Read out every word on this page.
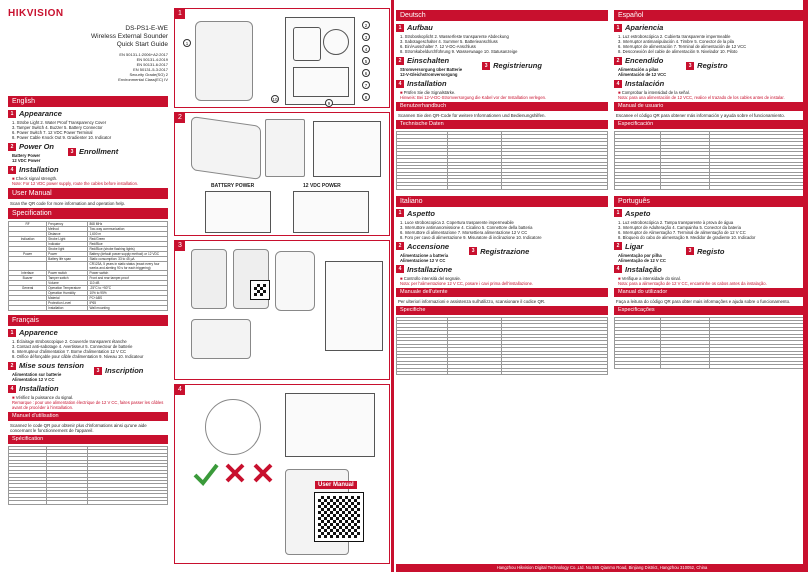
HIKVISION
DS-PS1-E-WE
Wireless External Sounder
Quick Start Guide
EN 50131-1:2006+A2:2017
EN 50131-4:2019
EN 50131-6:2017
EN 50131-5-3:2017
Security Grade(SG) 2
Environmental Class(EC) IV
English
1 Appearance
1. Strobe Light 2. Water Proof Transparency Cover
3. Tamper Switch 4. Buzzer 5. Battery Connector
6. Power Switch 7. 12 VDC Power Terminal
8. Power Cable Knock Out 9. Gradienter 10. Indicator
2 Power On
Battery Power
12 VDC Power
3 Enrollment
4 Installation
■ Check signal strength.
Note: For 12 VDC power supply, route the cables before installation.
User Manual
Scan the QR code for more information and operation help.
Specification
RF	Frequency	868 MHz
	Method	Two-way communication
	Distance	1,600 m
Indication	Strobe Light	Red/Green
	Indicator	Red/Blue
	Strobe light	Red/Blue (strobe flashing lights)
Power	Power	Battery (default power supply method) or 12 VDC
	Battery life span	Static consumption: 33 to 45 μA
		CR123A, 5 years in static status (exact every four weeks and alerting 90 s for each triggering)
Interface	Power switch	Power switch
Buzzer	Tamper switch	Front and rear tamper-proof
	Volume	110 dB
General	Operation Temperature	-25°C to +50°C
	Operation Humidity	10% to 95%
	Material	PC+ABS
	Protection Level	IP65
	Installation	Wall mounting
Français
1 Apparence
1. Éclairage stroboscopique 2. Couvercle transparent étanche
3. Contact anti-sabotage 4. Avertisseur 5. Connecteur de batterie
6. Interrupteur d'alimentation 7. Borne d'alimentation 12 V CC
8. Orifice défonçable pour câble d'alimentation 9. Niveau 10. Indicateur
2 Mise sous tension
Alimentation sur batterie
Alimentation 12 V CC
3 Inscription
4 Installation
■ Vérifiez la puissance du signal.
Remarque : pour une alimentation électrique de 12 V CC, faites passer les câbles avant de procéder à l'installation.
Manuel d'utilisation
Scannez le code QR pour obtenir plus d'informations ainsi qu'une aide concernant le fonctionnement de l'appareil.
Spécification

1
1
2
3
4
5
6
7
8
9
10
2
BATTERY POWER	12 VDC POWER
3
4
User Manual
Deutsch
1 Aufbau
1. Stroboskoplicht 2. Wasserfeste transparente Abdeckung
3. Sabotageschalter 4. Summer 5. Batterieanschluss
6. Ein/Ausschalter 7. 12 V-DC-Anschluss
8. Stromkabeldurchführung 9. Wasserwaage 10. Statusanzeige
2 Einschalten
Stromversorgung über Batterie
12-V-Gleichstromversorgung
3 Registrierung
4 Installation
■ Prüfen Sie die Signalstärke.
Hinweis: Bei 12-V-DC-Stromversorgung die Kabel vor der Installation verlegen.
Benutzerhandbuch
Scannen Sie den QR-Code für weitere Informationen und Bedienungshilfen.
Technische Daten

Italiano
1 Aspetto
1. Luce stroboscopica 2. Copertura trasparente impermeabile
3. Interruttore antimanomissione 4. Cicalino 5. Connettore della batteria
6. Interruttore di alimentazione 7. Morsettiera alimentazione 12 V CC
8. Foro per cavo di alimentazione 9. Misuratore di inclinazione 10. Indicatore
2 Accensione
Alimentazione a batteria
Alimentazione 12 V CC
3 Registrazione
4 Installazione
■ Controllo intensità del segnale.
Nota: per l'alimentazione 12 V CC, posare i cavi prima dell'installazione.
Manuale dell'utente
Per ulteriori informazioni e assistenza sull'utilizzo, scansionare il codice QR.
Specifiche

Español
1 Apariencia
1. Luz estroboscópica 2. Cubierta transparente impermeable
3. Interruptor antimanipulación 4. Timbre 5. Conector de la pila
6. Interruptor de alimentación 7. Terminal de alimentación de 12 VCC
8. Desconexión del cable de alimentación 9. Nivelador 10. Piloto
2 Encendido
Alimentación a pilas
Alimentación de 12 VCC
3 Registro
4 Instalación
■ Comprobar la intensidad de la señal.
Nota: para una alimentación de 12 VCC, realice el trazado de los cables antes de instalar.
Manual de usuario
Escanee el código QR para obtener más información y ayuda sobre el funcionamiento.
Especificación

Português
1 Aspeto
1. Luz estroboscópica 2. Tampa transparente à prova de água
3. Interruptor de Adulteração 4. Campainha 5. Conector da bateria
6. Interruptor de Alimentação 7. Terminal de alimentação de 12 V CC
8. Bloqueio do cabo de alimentação 9. Medidor de gradiente 10. Indicador
2 Ligar
Alimentação por pilha
Alimentação de 12 V CC
3 Registo
4 Instalação
■ Verifique a intensidade do sinal.
Nota: para a alimentação de 12 V CC, encaminhe os cabos antes da instalação.
Manual do utilizador
Faça a leitura do código QR para obter mais informações e ajuda sobre o funcionamento.
Especificações

Hangzhou Hikvision Digital Technology Co.,Ltd. No.555 Qianmo Road, Binjiang District, Hangzhou 310052, China
